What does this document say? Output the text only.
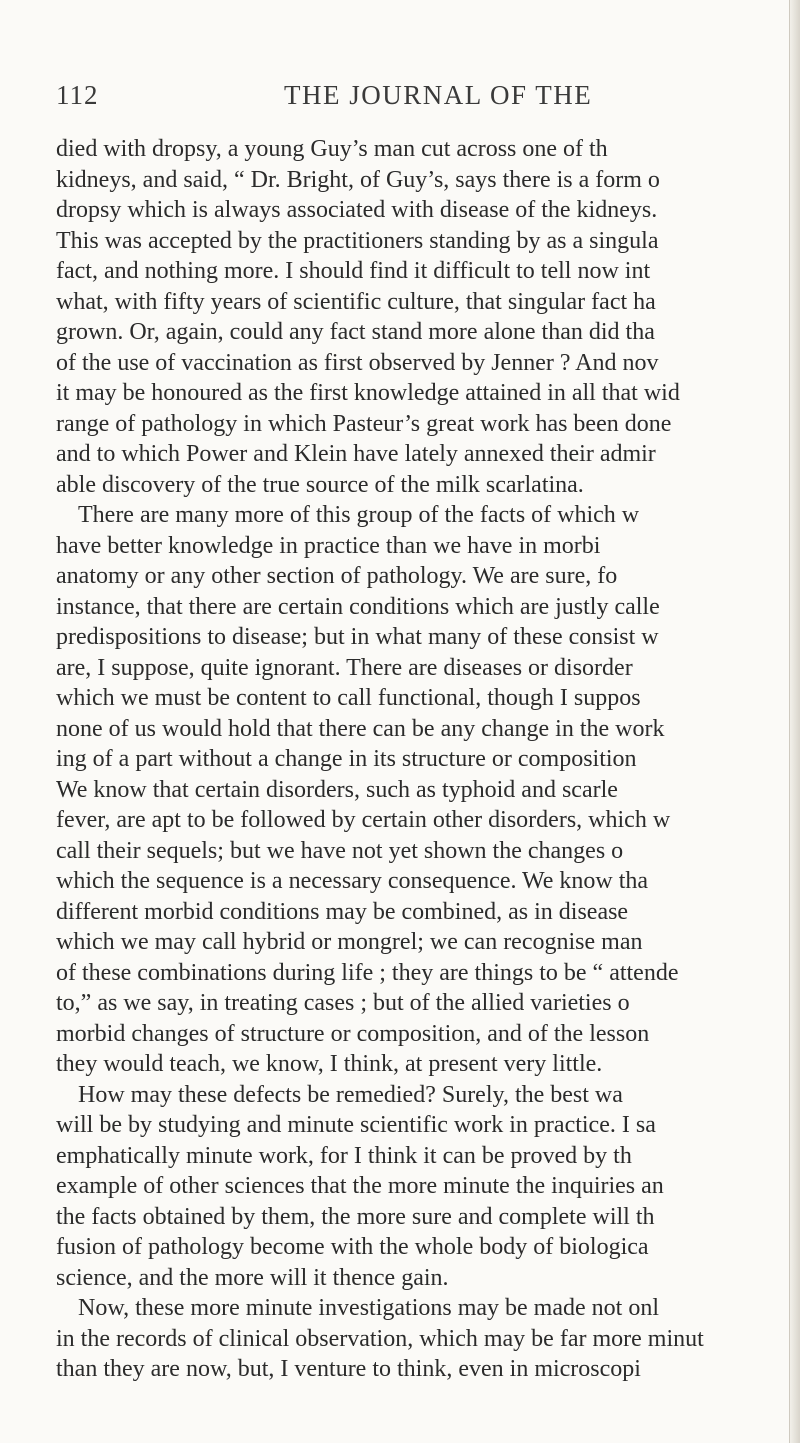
112	THE JOURNAL OF THE
died with dropsy, a young Guy’s man cut across one of th
kidneys, and said, “ Dr. Bright, of Guy’s, says there is a form o
dropsy which is always associated with disease of the kidneys.
This was accepted by the practitioners standing by as a singula
fact, and nothing more. I should find it difficult to tell now int
what, with fifty years of scientific culture, that singular fact ha
grown. Or, again, could any fact stand more alone than did tha
of the use of vaccination as first observed by Jenner ? And nov
it may be honoured as the first knowledge attained in all that wid
range of pathology in which Pasteur’s great work has been done
and to which Power and Klein have lately annexed their admir
able discovery of the true source of the milk scarlatina.
There are many more of this group of the facts of which w
have better knowledge in practice than we have in morbi
anatomy or any other section of pathology. We are sure, fo
instance, that there are certain conditions which are justly calle
predispositions to disease; but in what many of these consist w
are, I suppose, quite ignorant. There are diseases or disorder
which we must be content to call functional, though I suppos
none of us would hold that there can be any change in the work
ing of a part without a change in its structure or composition
We know that certain disorders, such as typhoid and scarle
fever, are apt to be followed by certain other disorders, which w
call their sequels; but we have not yet shown the changes o
which the sequence is a necessary consequence. We know tha
different morbid conditions may be combined, as in disease
which we may call hybrid or mongrel; we can recognise man
of these combinations during life ; they are things to be “ attende
to,” as we say, in treating cases ; but of the allied varieties o
morbid changes of structure or composition, and of the lesson
they would teach, we know, I think, at present very little.
How may these defects be remedied? Surely, the best wa
will be by studying and minute scientific work in practice. I sa
emphatically minute work, for I think it can be proved by th
example of other sciences that the more minute the inquiries an
the facts obtained by them, the more sure and complete will th
fusion of pathology become with the whole body of biologica
science, and the more will it thence gain.
Now, these more minute investigations may be made not onl
in the records of clinical observation, which may be far more minut
than they are now, but, I venture to think, even in microscopi
